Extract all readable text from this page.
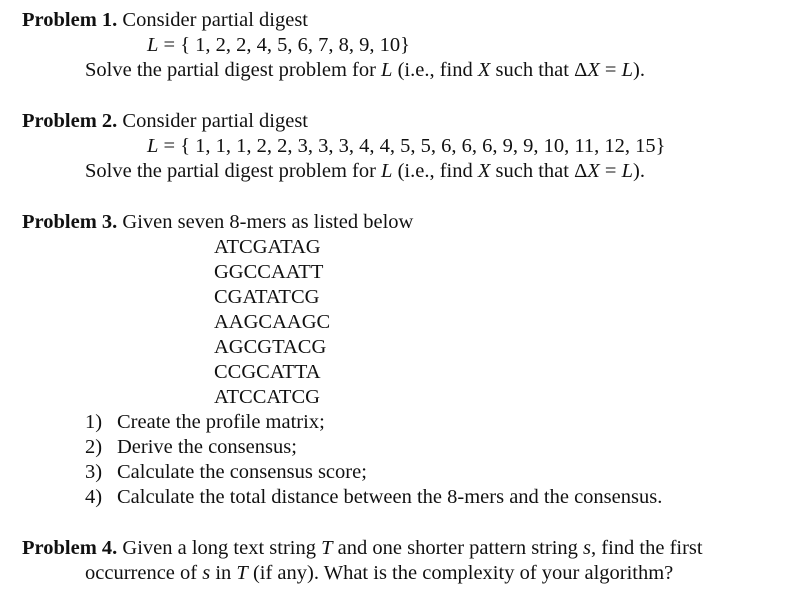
Problem 1. Consider partial digest
L = { 1, 2, 2, 4, 5, 6, 7, 8, 9, 10}
Solve the partial digest problem for L (i.e., find X such that ΔX = L).
Problem 2. Consider partial digest
L = { 1, 1, 1, 2, 2, 3, 3, 3, 4, 4, 5, 5, 6, 6, 6, 9, 9, 10, 11, 12, 15}
Solve the partial digest problem for L (i.e., find X such that ΔX = L).
Problem 3. Given seven 8-mers as listed below
ATCGATAG
GGCCAATT
CGATATCG
AAGCAAGC
AGCGTACG
CCGCATTA
ATCCATCG
1) Create the profile matrix;
2) Derive the consensus;
3) Calculate the consensus score;
4) Calculate the total distance between the 8-mers and the consensus.
Problem 4. Given a long text string T and one shorter pattern string s, find the first
occurrence of s in T (if any). What is the complexity of your algorithm?
